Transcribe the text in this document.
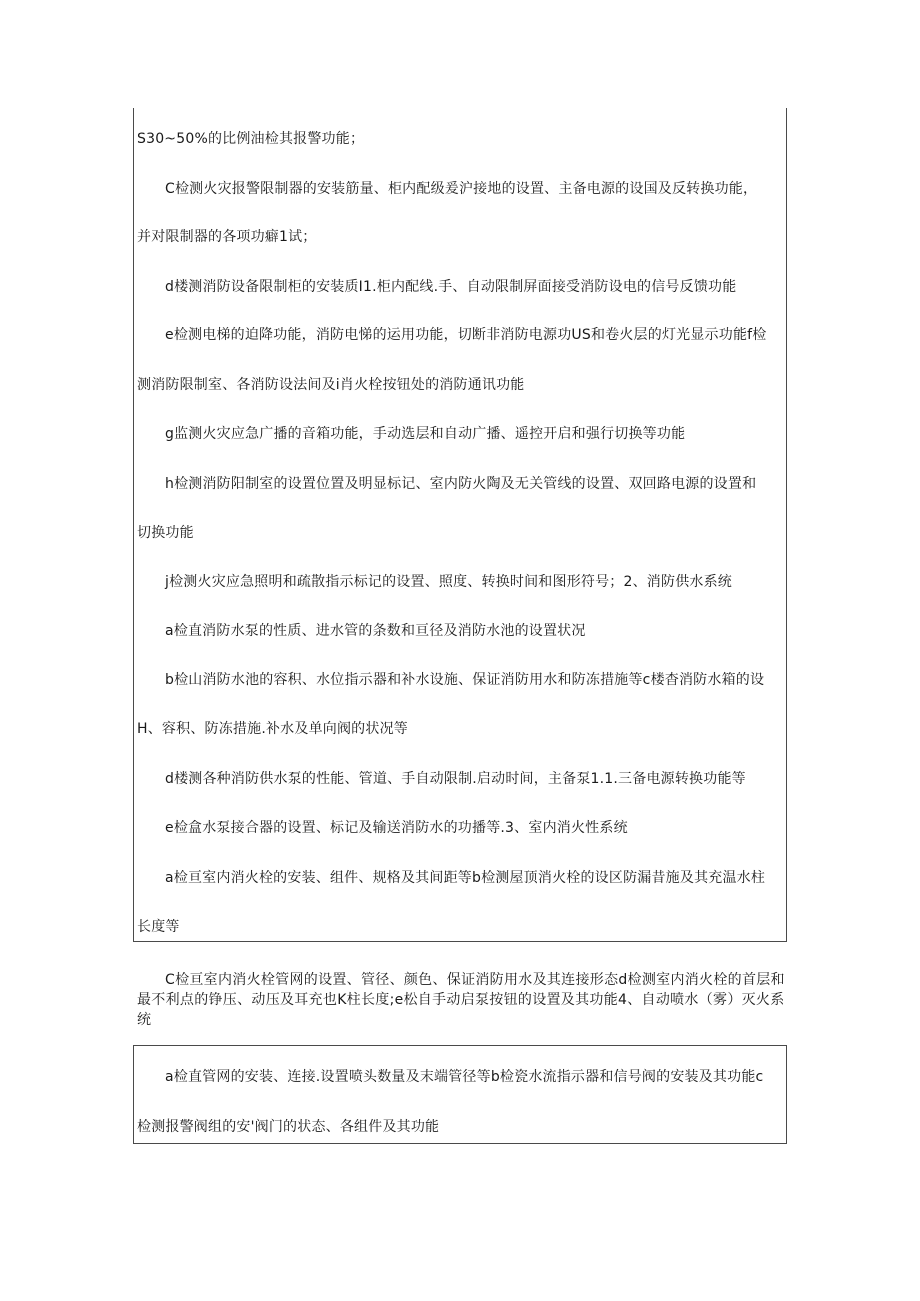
S30~50%的比例油检其报警功能；
C检测火灾报警限制器的安装筋量、柜内配级爰沪接地的设置、主备电源的设国及反转换功能，
并对限制器的各项功癖1试；
d楼测消防设备限制柜的安装质I1.柜内配线.手、自动限制屏面接受消防设电的信号反馈功能
e检测电梯的迫降功能，消防电悌的运用功能，切断非消防电源功US和卷火层的灯光显示功能f检
测消防限制室、各消防设法间及i肖火栓按钮处的消防通讯功能
g监测火灾应急广播的音箱功能，手动选层和自动广播、遥控开启和强行切换等功能
h检测消防阳制室的设置位置及明显标记、室内防火陶及无关管线的设置、双回路电源的设置和
切换功能
j检测火灾应急照明和疏散指示标记的设置、照度、转换时间和图形符号；2、消防供水系统
a检直消防水泵的性质、进水管的条数和亘径及消防水池的设置状况
b检山消防水池的容积、水位指示器和补水设施、保证消防用水和防冻措施等c楼杳消防水箱的设
H、容积、防冻措施.补水及单向阀的状况等
d楼测各种消防供水泵的性能、管道、手自动限制.启动时间，主备泵1.1.三备电源转换功能等
e检盒水泵接合器的设置、标记及输送消防水的功播等.3、室内消火性系统
a检亘室内消火栓的安装、组件、规格及其间距等b检测屋顶消火栓的设区防漏昔施及其充温水柱
长度等
C检亘室内消火栓管网的设置、管径、颜色、保证消防用水及其连接形态d检测室内消火栓的首层和最不利点的铮压、动压及耳充也K柱长度;e松自手动启泵按钮的设置及其功能4、自动喷水（雾）灭火系统
a检直管网的安装、连接.设置喷头数量及末端管径等b检瓷水流指示器和信号阀的安装及其功能c
检测报警阀组的安'阀门的状态、各组件及其功能
